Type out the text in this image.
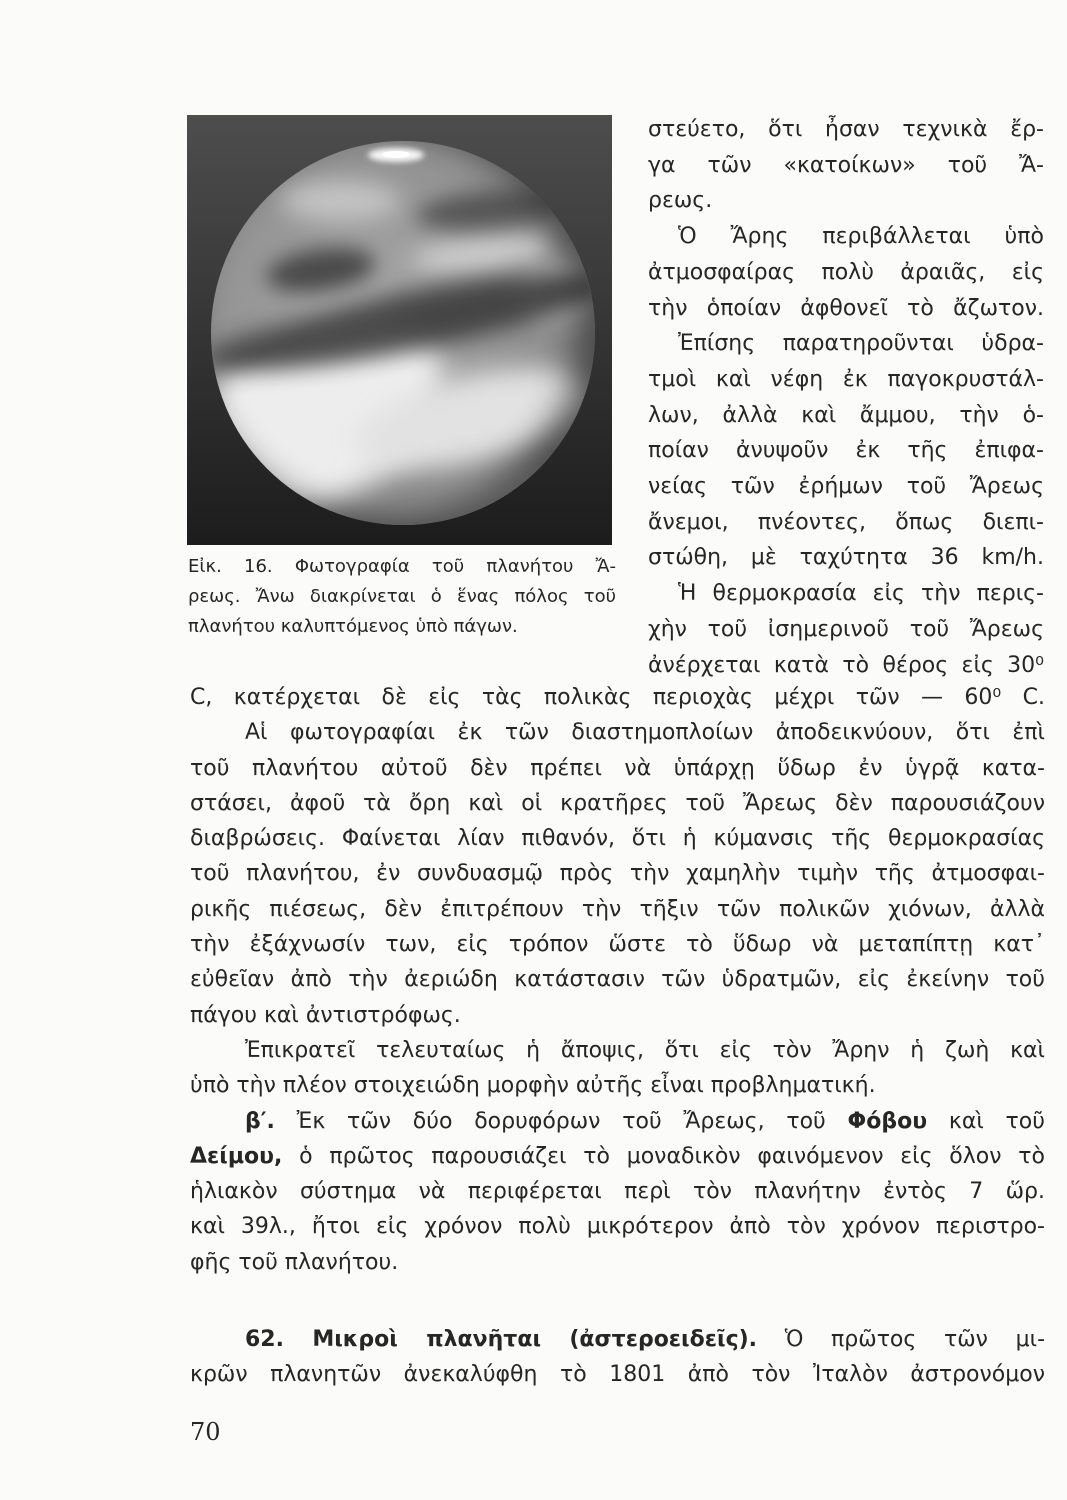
Εἰκ. 16. Φωτογραφία τοῦ πλανήτου Ἄ-
ρεως. Ἄνω διακρίνεται ὁ ἕνας πόλος τοῦ
πλανήτου καλυπτόμενος ὑπὸ πάγων.
στεύετο, ὅτι ἦσαν τεχνικὰ ἔρ-
γα τῶν «κατοίκων» τοῦ Ἄ-
ρεως.
Ὁ Ἄρης περιβάλλεται ὑπὸ
ἀτμοσφαίρας πολὺ ἀραιᾶς, εἰς
τὴν ὁποίαν ἀφθονεῖ τὸ ἄζωτον.
Ἐπίσης παρατηροῦνται ὑδρα-
τμοὶ καὶ νέφη ἐκ παγοκρυστάλ-
λων, ἀλλὰ καὶ ἄμμου, τὴν ὁ-
ποίαν ἀνυψοῦν ἐκ τῆς ἐπιφα-
νείας τῶν ἐρήμων τοῦ Ἄρεως
ἄνεμοι, πνέοντες, ὅπως διεπι-
στώθη, μὲ ταχύτητα 36 km/h.
Ἡ θερμοκρασία εἰς τὴν περις-
χὴν τοῦ ἰσημερινοῦ τοῦ Ἄρεως
ἀνέρχεται κατὰ τὸ θέρος εἰς 30⁰
C, κατέρχεται δὲ εἰς τὰς πολικὰς περιοχὰς μέχρι τῶν — 60⁰ C.
Αἱ φωτογραφίαι ἐκ τῶν διαστημοπλοίων ἀποδεικνύουν, ὅτι ἐπὶ
τοῦ πλανήτου αὐτοῦ δὲν πρέπει νὰ ὑπάρχῃ ὕδωρ ἐν ὑγρᾷ κατα-
στάσει, ἀφοῦ τὰ ὄρη καὶ οἱ κρατῆρες τοῦ Ἄρεως δὲν παρουσιάζουν
διαβρώσεις. Φαίνεται λίαν πιθανόν, ὅτι ἡ κύμανσις τῆς θερμοκρασίας
τοῦ πλανήτου, ἐν συνδυασμῷ πρὸς τὴν χαμηλὴν τιμὴν τῆς ἀτμοσφαι-
ρικῆς πιέσεως, δὲν ἐπιτρέπουν τὴν τῆξιν τῶν πολικῶν χιόνων, ἀλλὰ
τὴν ἐξάχνωσίν των, εἰς τρόπον ὥστε τὸ ὕδωρ νὰ μεταπίπτῃ κατ᾽
εὐθεῖαν ἀπὸ τὴν ἀεριώδη κατάστασιν τῶν ὑδρατμῶν, εἰς ἐκείνην τοῦ
πάγου καὶ ἀντιστρόφως.
Ἐπικρατεῖ τελευταίως ἡ ἄποψις, ὅτι εἰς τὸν Ἄρην ἡ ζωὴ καὶ
ὑπὸ τὴν πλέον στοιχειώδη μορφὴν αὐτῆς εἶναι προβληματική.
β′. Ἐκ τῶν δύο δορυφόρων τοῦ Ἄρεως, τοῦ Φόβου καὶ τοῦ
Δείμου, ὁ πρῶτος παρουσιάζει τὸ μοναδικὸν φαινόμενον εἰς ὅλον τὸ
ἡλιακὸν σύστημα νὰ περιφέρεται περὶ τὸν πλανήτην ἐντὸς 7 ὥρ.
καὶ 39λ., ἤτοι εἰς χρόνον πολὺ μικρότερον ἀπὸ τὸν χρόνον περιστρο-
φῆς τοῦ πλανήτου.
62. Μικροὶ πλανῆται (ἀστεροειδεῖς). Ὁ πρῶτος τῶν μι-
κρῶν πλανητῶν ἀνεκαλύφθη τὸ 1801 ἀπὸ τὸν Ἰταλὸν ἀστρονόμον
70
